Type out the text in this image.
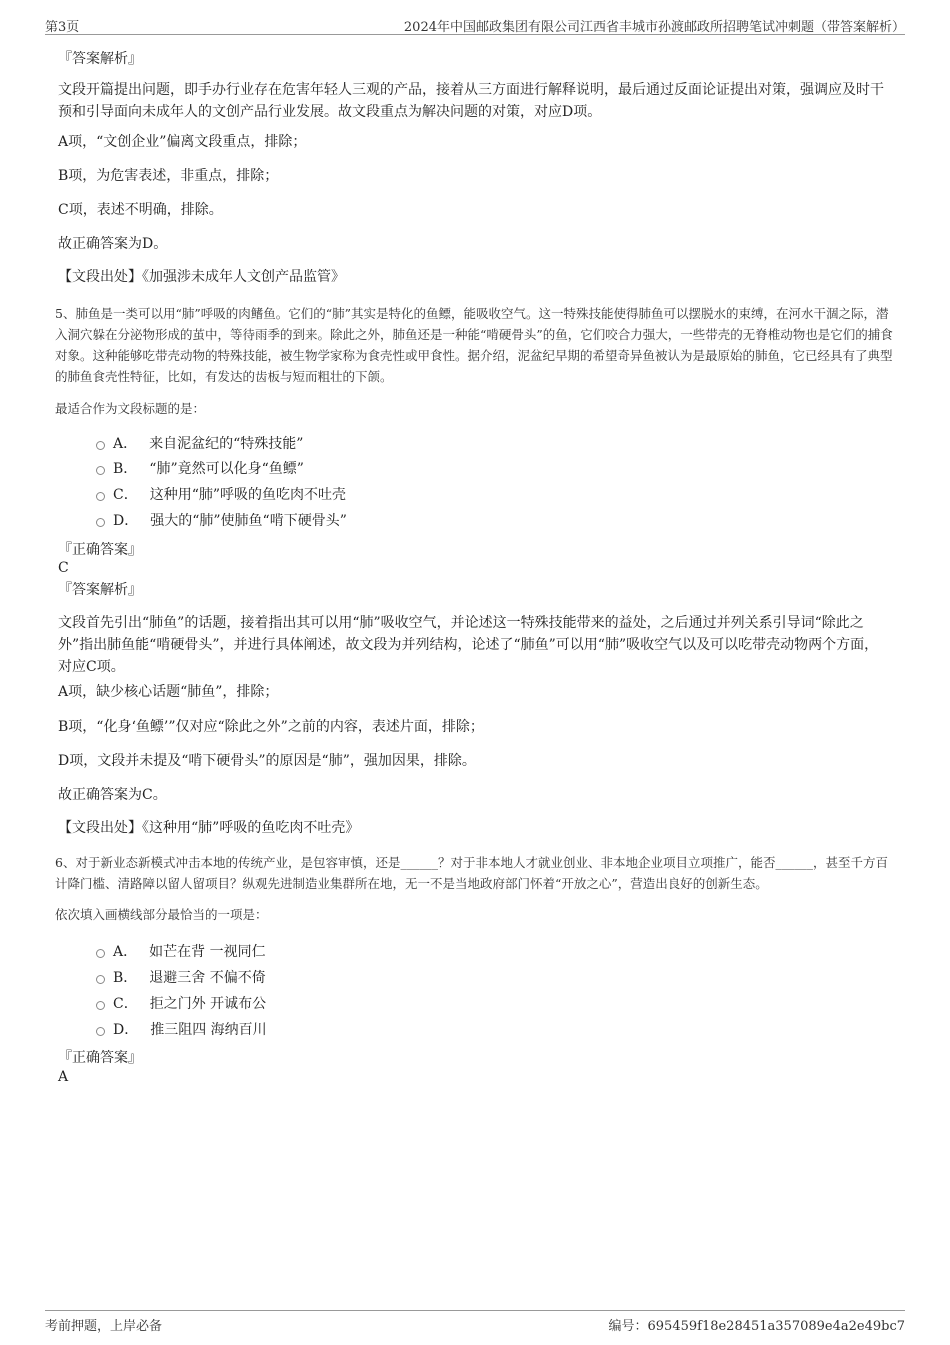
第3页	2024年中国邮政集团有限公司江西省丰城市孙渡邮政所招聘笔试冲刺题（带答案解析）
『答案解析』
文段开篇提出问题，即手办行业存在危害年轻人三观的产品，接着从三方面进行解释说明，最后通过反面论证提出对策，强调应及时干预和引导面向未成年人的文创产品行业发展。故文段重点为解决问题的对策，对应D项。
A项，“文创企业”偏离文段重点，排除；
B项，为危害表述，非重点，排除；
C项，表述不明确，排除。
故正确答案为D。
【文段出处】《加强涉未成年人文创产品监管》
5、肺鱼是一类可以用“肺”呼吸的肉鳍鱼。它们的“肺”其实是特化的鱼鳔，能吸收空气。这一特殊技能使得肺鱼可以摆脱水的束缚，在河水干涸之际，潜入洞穴躲在分泌物形成的茧中，等待雨季的到来。除此之外，肺鱼还是一种能“啃硬骨头”的鱼，它们咬合力强大，一些带壳的无脊椎动物也是它们的捕食对象。这种能够吃带壳动物的特殊技能，被生物学家称为食壳性或甲食性。据介绍，泥盆纪早期的希望奇异鱼被认为是最原始的肺鱼，它已经具有了典型的肺鱼食壳性特征，比如，有发达的齿板与短而粗壮的下颌。
最适合作为文段标题的是：
A． 来自泥盆纪的“特殊技能”
B． “肺”竟然可以化身“鱼鳔”
C． 这种用“肺”呼吸的鱼吃肉不吐壳
D． 强大的“肺”使肺鱼“啃下硬骨头”
『正确答案』
C
『答案解析』
文段首先引出“肺鱼”的话题，接着指出其可以用“肺”吸收空气，并论述这一特殊技能带来的益处，之后通过并列关系引导词“除此之外”指出肺鱼能“啃硬骨头”，并进行具体阐述，故文段为并列结构，论述了“肺鱼”可以用“肺”吸收空气以及可以吃带壳动物两个方面，对应C项。
A项，缺少核心话题“肺鱼”，排除；
B项，“化身‘鱼鳔’”仅对应“除此之外”之前的内容，表述片面，排除；
D项，文段并未提及“啃下硬骨头”的原因是“肺”，强加因果，排除。
故正确答案为C。
【文段出处】《这种用“肺”呼吸的鱼吃肉不吐壳》
6、对于新业态新模式冲击本地的传统产业，是包容审慎，还是______？对于非本地人才就业创业、非本地企业项目立项推广，能否______，甚至千方百计降门槛、清路障以留人留项目？纵观先进制造业集群所在地，无一不是当地政府部门怀着“开放之心”，营造出良好的创新生态。
依次填入画横线部分最恰当的一项是：
A． 如芒在背 一视同仁
B． 退避三舍 不偏不倚
C． 拒之门外 开诚布公
D． 推三阻四 海纳百川
『正确答案』
A
考前押题，上岸必备	编号：695459f18e28451a357089e4a2e49bc7
